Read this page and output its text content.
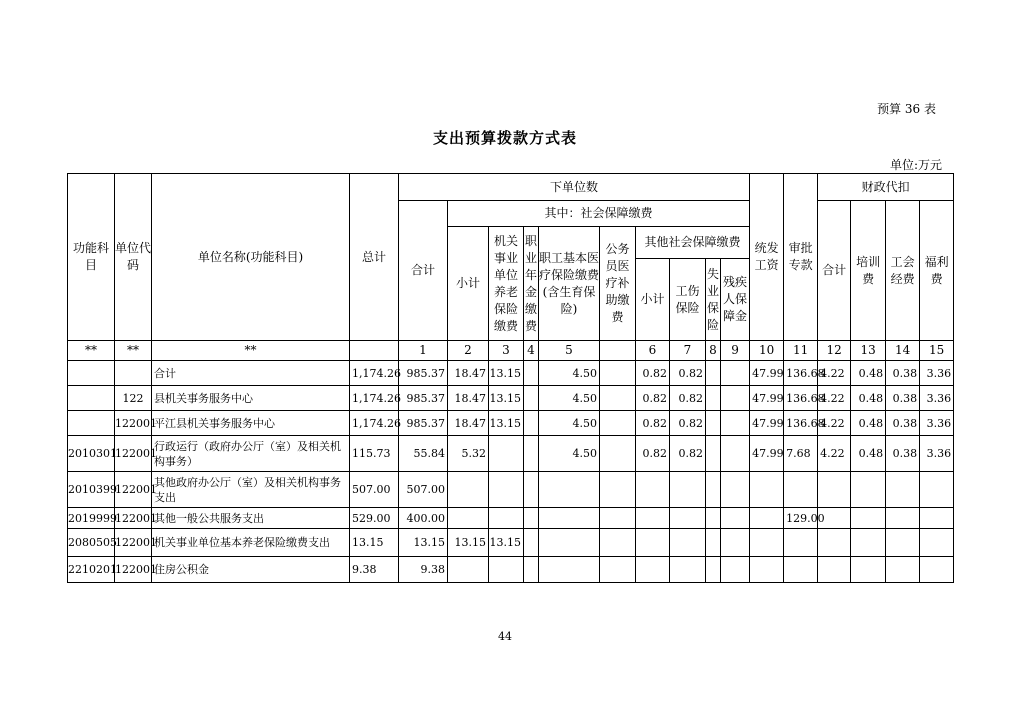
预算 36 表
支出预算拨款方式表
单位:万元
功能科目	单位代码	单位名称(功能科目)	总计	下单位数										统发工资	审批专款	财政代扣			
				合计	其中：社会保障缴费											合计	培训费	工会经费	福利费
					小计	机关事业单位养老保险缴费	职业年金缴费	职工基本医疗保险缴费(含生育保险)	公务员医疗补助缴费	其他社会保障缴费									
										小计	工伤保险	失业保险	残疾人保障金						
**	**	**		1	2	3	4	5		6	7	8	9	10	11	12	13	14	15
		合计	1,174.26	985.37	18.47	13.15		4.50		0.82	0.82			47.99	136.68	4.22	0.48	0.38	3.36
	122	县机关事务服务中心	1,174.26	985.37	18.47	13.15		4.50		0.82	0.82			47.99	136.68	4.22	0.48	0.38	3.36
	122001	平江县机关事务服务中心	1,174.26	985.37	18.47	13.15		4.50		0.82	0.82			47.99	136.68	4.22	0.48	0.38	3.36
2010301	122001	行政运行（政府办公厅（室）及相关机构事务）	115.73	55.84	5.32			4.50		0.82	0.82			47.99	7.68	4.22	0.48	0.38	3.36
2010399	122001	其他政府办公厅（室）及相关机构事务支出	507.00	507.00															
2019999	122001	其他一般公共服务支出	529.00	400.00											129.00				
2080505	122001	机关事业单位基本养老保险缴费支出	13.15	13.15	13.15	13.15													
2210201	122001	住房公积金	9.38	9.38															
44
